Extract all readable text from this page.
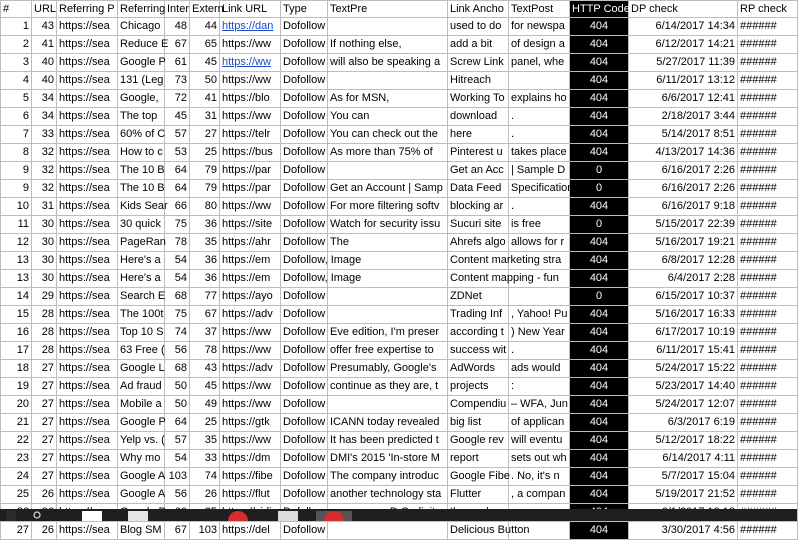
#	URL	Referring P	Referring	Inter	Extern	Link URL	Type	TextPre	Link Ancho	TextPost	HTTP Code	DP check	RP check
1	43	https://sea	Chicago	48	44	https://dan	Dofollow		used to do	for newspa	404	6/14/2017 14:34	######
2	41	https://sea	Reduce E	67	65	https://ww	Dofollow	If nothing else,	add a bit	of design a	404	6/12/2017 14:21	######
3	40	https://sea	Google P	61	45	https://ww	Dofollow	will also be speaking a	Screw Link	panel, whe	404	5/27/2017 11:39	######
4	40	https://sea	131 (Leg	73	50	https://ww	Dofollow		Hitreach		404	6/11/2017 13:12	######
5	34	https://sea	Google,	72	41	https://blo	Dofollow	As for MSN,	Working To	explains ho	404	6/6/2017 12:41	######
6	34	https://sea	The top	45	31	https://ww	Dofollow	You can	download	.	404	2/18/2017 3:44	######
7	33	https://sea	60% of C	57	27	https://telr	Dofollow	You can check out the	here	.	404	5/14/2017 8:51	######
8	32	https://sea	How to c	53	25	https://bus	Dofollow	As more than 75% of	Pinterest u	takes place	404	4/13/2017 14:36	######
9	32	https://sea	The 10 B	64	79	https://par	Dofollow		Get an Acc	| Sample D	0	6/16/2017 2:26	######
9	32	https://sea	The 10 B	64	79	https://par	Dofollow	Get an Account | Samp	Data Feed	Specification	0	6/16/2017 2:26	######
10	31	https://sea	Kids Sear	66	80	https://ww	Dofollow	For more filtering softv	blocking ar	.	404	6/16/2017 9:18	######
11	30	https://sea	30 quick	75	36	https://site	Dofollow	Watch for security issu	Sucuri site	is free	0	5/15/2017 22:39	######
12	30	https://sea	PageRan	78	35	https://ahr	Dofollow	The	Ahrefs algo	allows for r	404	5/16/2017 19:21	######
13	30	https://sea	Here's a	54	36	https://em	Dofollow, Image		Content marketing stra		404	6/8/2017 12:28	######
13	30	https://sea	Here's a	54	36	https://em	Dofollow, Image		Content mapping - fun		404	6/4/2017 2:28	######
14	29	https://sea	Search E	68	77	https://ayo	Dofollow		ZDNet		0	6/15/2017 10:37	######
15	28	https://sea	The 100t	75	67	https://adv	Dofollow		Trading Inf	, Yahoo! Pu	404	5/16/2017 16:33	######
16	28	https://sea	Top 10 S	74	37	https://ww	Dofollow	Eve edition, I'm preser	according t	) New Year	404	6/17/2017 10:19	######
17	28	https://sea	63 Free (	56	78	https://ww	Dofollow	offer free expertise to	success wit	.	404	6/11/2017 15:41	######
18	27	https://sea	Google L	68	43	https://adv	Dofollow	Presumably, Google's	AdWords	ads would	404	5/24/2017 15:22	######
19	27	https://sea	Ad fraud	50	45	https://ww	Dofollow	continue as they are, t	projects	:	404	5/23/2017 14:40	######
20	27	https://sea	Mobile a	50	49	https://ww	Dofollow		Compendiu	– WFA, Jun	404	5/24/2017 12:07	######
21	27	https://sea	Google P	64	25	https://gtk	Dofollow	ICANN today revealed	big list	of applican	404	6/3/2017 6:19	######
22	27	https://sea	Yelp vs. (	57	35	https://ww	Dofollow	It has been predicted t	Google rev	will eventu	404	5/12/2017 18:22	######
23	27	https://sea	Why mo	54	33	https://dm	Dofollow	DMI's 2015 'In-store M	report	sets out wh	404	6/14/2017 4:11	######
24	27	https://sea	Google A	103	74	https://fibe	Dofollow	The company introduc	Google Fibe	. No, it's n	404	5/7/2017 15:04	######
25	26	https://sea	Google A	56	26	https://flut	Dofollow	another technology sta	Flutter	, a compan	404	5/19/2017 21:52	######

27	26	https://sea	Blog SM	67	103	https://del	Dofollow		Delicious Button		404	3/30/2017 4:56	######
